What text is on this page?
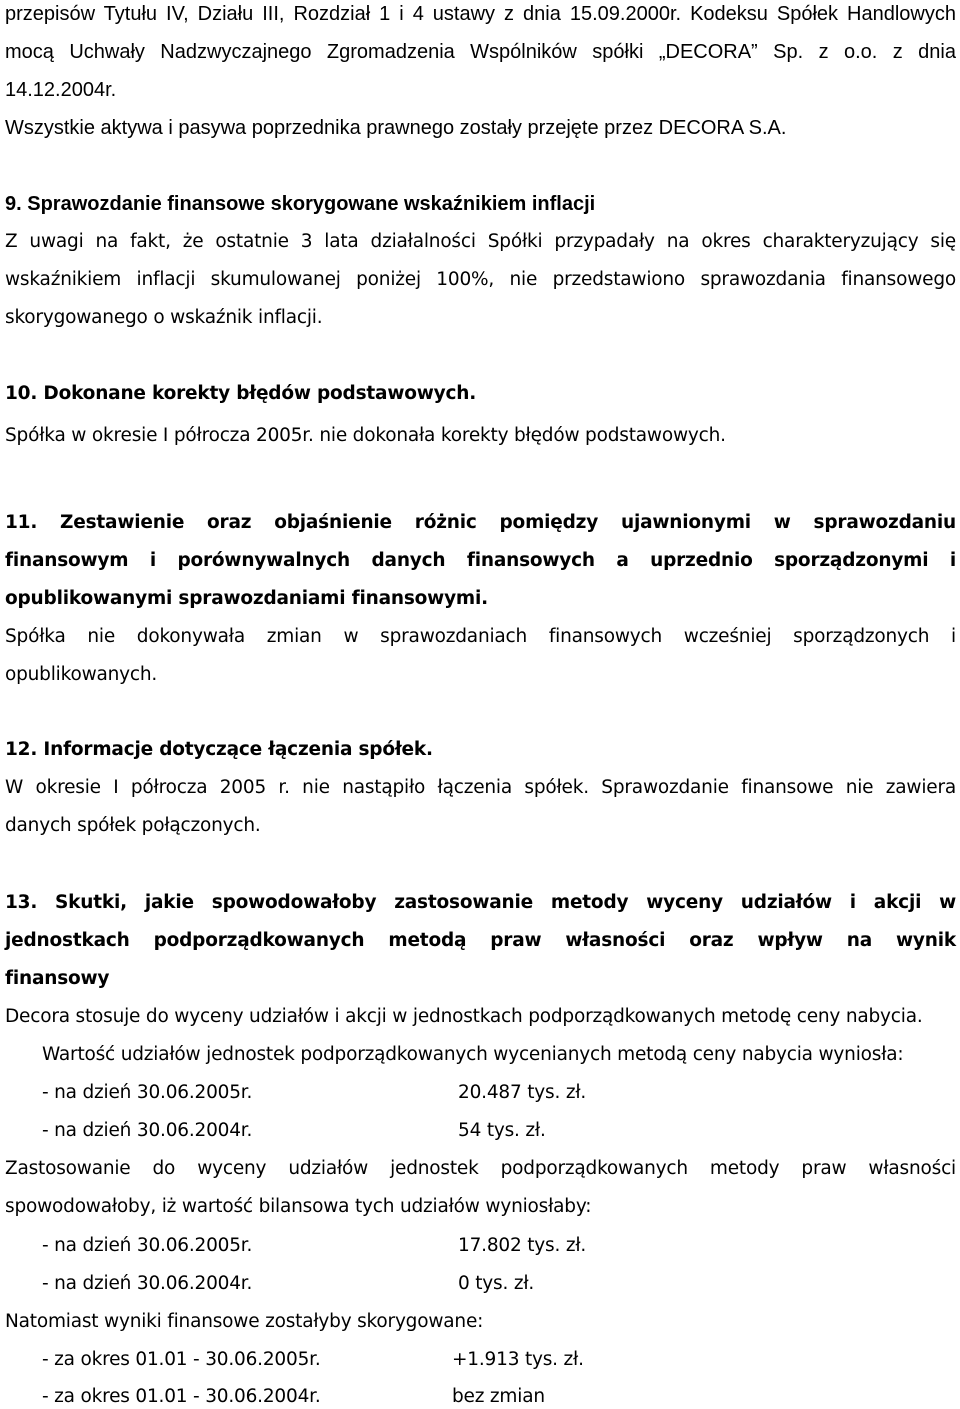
przepisów Tytułu IV, Działu III, Rozdział 1 i 4 ustawy z dnia 15.09.2000r. Kodeksu Spółek Handlowych
mocą Uchwały Nadzwyczajnego Zgromadzenia Wspólników spółki „DECORA” Sp. z o.o. z dnia
14.12.2004r.
Wszystkie aktywa i pasywa poprzednika prawnego zostały przejęte przez DECORA S.A.
9. Sprawozdanie finansowe skorygowane wskaźnikiem inflacji
Z uwagi na fakt, że ostatnie 3 lata działalności Spółki przypadały na okres charakteryzujący się
wskaźnikiem inflacji skumulowanej poniżej 100%, nie przedstawiono sprawozdania finansowego
skorygowanego o wskaźnik inflacji.
10. Dokonane korekty błędów podstawowych.
Spółka w okresie I półrocza 2005r. nie dokonała korekty błędów podstawowych.
11. Zestawienie oraz objaśnienie różnic pomiędzy ujawnionymi w sprawozdaniu
finansowym i porównywalnych danych finansowych a uprzednio sporządzonymi i
opublikowanymi sprawozdaniami finansowymi.
Spółka nie dokonywała zmian w sprawozdaniach finansowych wcześniej sporządzonych i
opublikowanych.
12. Informacje dotyczące łączenia spółek.
W okresie I półrocza 2005 r. nie nastąpiło łączenia spółek. Sprawozdanie finansowe nie zawiera
danych spółek połączonych.
13. Skutki, jakie spowodowałoby zastosowanie metody wyceny udziałów i akcji w
jednostkach podporządkowanych metodą praw własności oraz wpływ na wynik
finansowy
Decora stosuje do wyceny udziałów i akcji w jednostkach podporządkowanych metodę ceny nabycia.
Wartość udziałów jednostek podporządkowanych wycenianych metodą ceny nabycia wyniosła:
- na dzień 30.06.2005r.	20.487 tys. zł.
- na dzień 30.06.2004r.	54 tys. zł.
Zastosowanie do wyceny udziałów jednostek podporządkowanych metody praw własności
spowodowałoby, iż wartość bilansowa tych udziałów wyniosłaby:
- na dzień 30.06.2005r.	17.802 tys. zł.
- na dzień 30.06.2004r.	0 tys. zł.
Natomiast wyniki finansowe zostałyby skorygowane:
- za okres 01.01 - 30.06.2005r.	+1.913 tys. zł.
- za okres 01.01 - 30.06.2004r.	bez zmian
